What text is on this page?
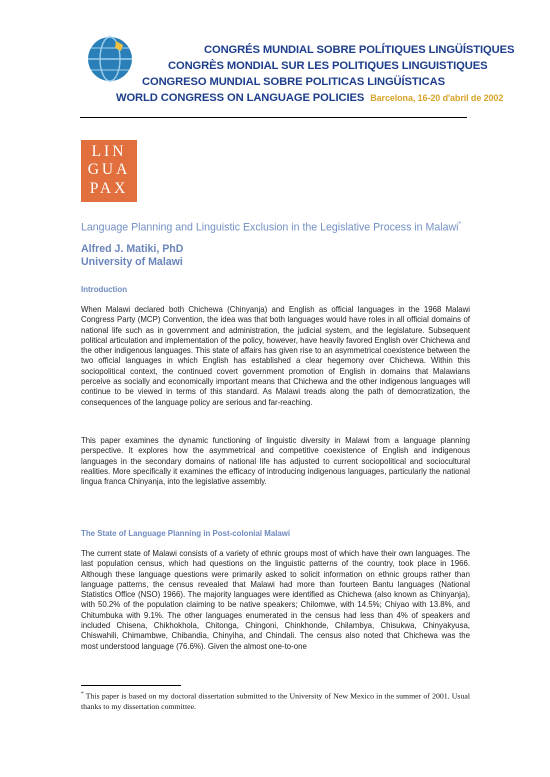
CONGRÉS MUNDIAL SOBRE POLÍTIQUES LINGÜÍSTIQUES
CONGRÈS MONDIAL SUR LES POLITIQUES LINGUISTIQUES
CONGRESO MUNDIAL SOBRE POLITICAS LINGÜÍSTICAS
WORLD CONGRESS ON LANGUAGE POLICIES Barcelona, 16-20 d'abril de 2002
LIN
GUA
PAX
Language Planning and Linguistic Exclusion in the Legislative Process in Malawi*
Alfred J. Matiki, PhD
University of Malawi
Introduction

When Malawi declared both Chichewa (Chinyanja) and English as official languages in the 1968 Malawi Congress Party (MCP) Convention, the idea was that both languages would have roles in all official domains of national life such as in government and administration, the judicial system, and the legislature. Subsequent political articulation and implementation of the policy, however, have heavily favored English over Chichewa and the other indigenous languages. This state of affairs has given rise to an asymmetrical coexistence between the two official languages in which English has established a clear hegemony over Chichewa. Within this sociopolitical context, the continued covert government promotion of English in domains that Malawians perceive as socially and economically important means that Chichewa and the other indigenous languages will continue to be viewed in terms of this standard. As Malawi treads along the path of democratization, the consequences of the language policy are serious and far-reaching.

This paper examines the dynamic functioning of linguistic diversity in Malawi from a language planning perspective. It explores how the asymmetrical and competitive coexistence of English and indigenous languages in the secondary domains of national life has adjusted to current sociopolitical and sociocultural realities. More specifically it examines the efficacy of introducing indigenous languages, particularly the national lingua franca Chinyanja, into the legislative assembly.

The State of Language Planning in Post-colonial Malawi

The current state of Malawi consists of a variety of ethnic groups most of which have their own languages. The last population census, which had questions on the linguistic patterns of the country, took place in 1966. Although these language questions were primarily asked to solicit information on ethnic groups rather than language patterns, the census revealed that Malawi had more than fourteen Bantu languages (National Statistics Office (NSO) 1966). The majority languages were identified as Chichewa (also known as Chinyanja), with 50.2% of the population claiming to be native speakers; Chilomwe, with 14.5%; Chiyao with 13.8%, and Chitumbuka with 9.1%. The other languages enumerated in the census had less than 4% of speakers and included Chisena, Chikhokhola, Chitonga, Chingoni, Chinkhonde, Chilambya, Chisukwa, Chinyakyusa, Chiswahili, Chimambwe, Chibandia, Chinyiha, and Chindali. The census also noted that Chichewa was the most understood language (76.6%). Given the almost one-to-one

* This paper is based on my doctoral dissertation submitted to the University of New Mexico in the summer of 2001. Usual thanks to my dissertation committee.
